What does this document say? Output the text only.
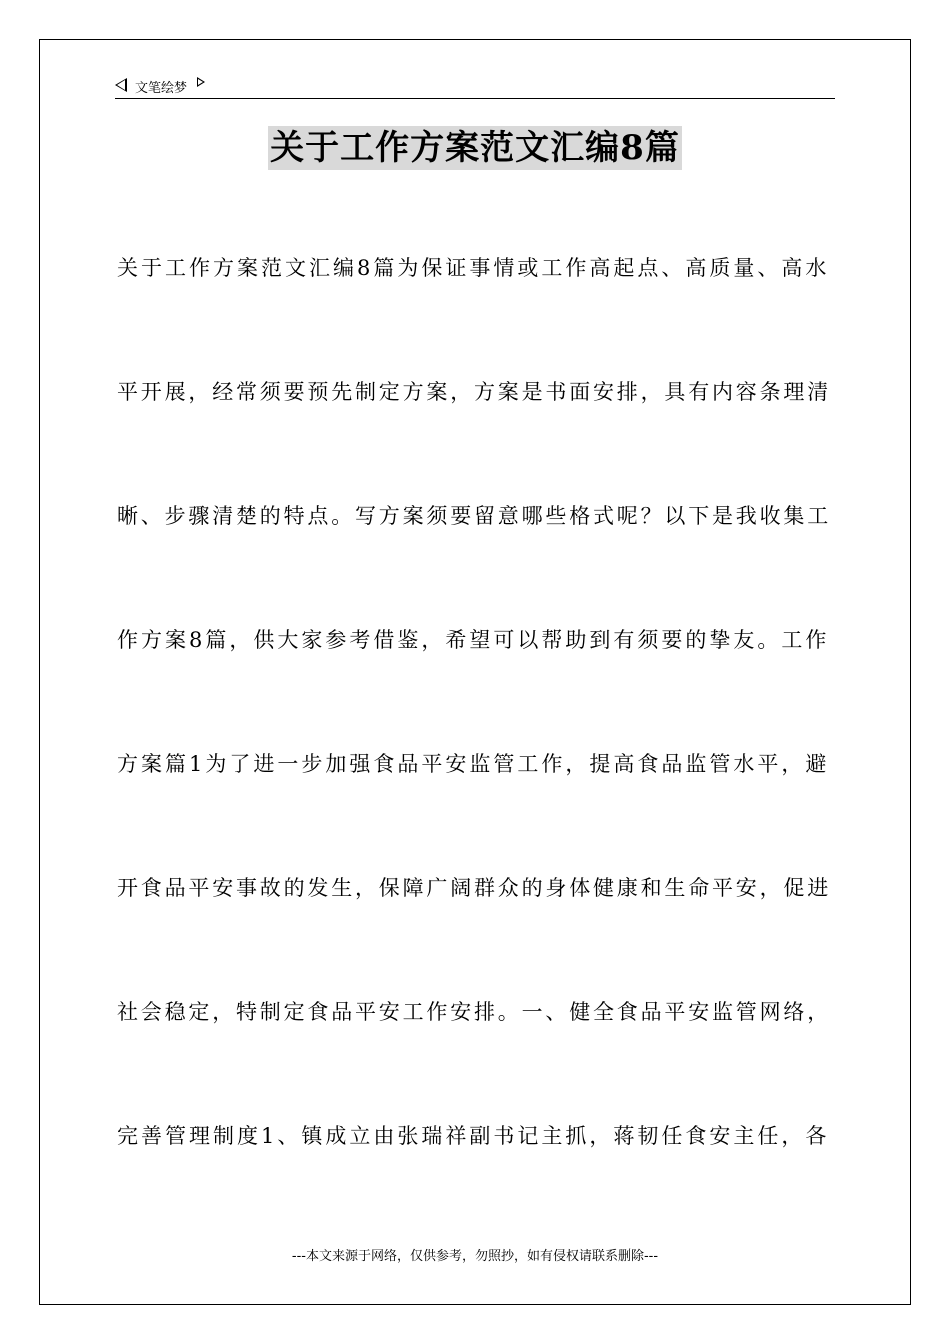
文笔绘梦
关于工作方案范文汇编8篇
关于工作方案范文汇编8篇为保证事情或工作高起点、高质量、高水
平开展，经常须要预先制定方案，方案是书面安排，具有内容条理清
晰、步骤清楚的特点。写方案须要留意哪些格式呢？以下是我收集工
作方案8篇，供大家参考借鉴，希望可以帮助到有须要的挚友。工作
方案篇1为了进一步加强食品平安监管工作，提高食品监管水平，避
开食品平安事故的发生，保障广阔群众的身体健康和生命平安，促进
社会稳定，特制定食品平安工作安排。一、健全食品平安监管网络，
完善管理制度1、镇成立由张瑞祥副书记主抓，蒋韧任食安主任，各
---本文来源于网络，仅供参考，勿照抄，如有侵权请联系删除---
